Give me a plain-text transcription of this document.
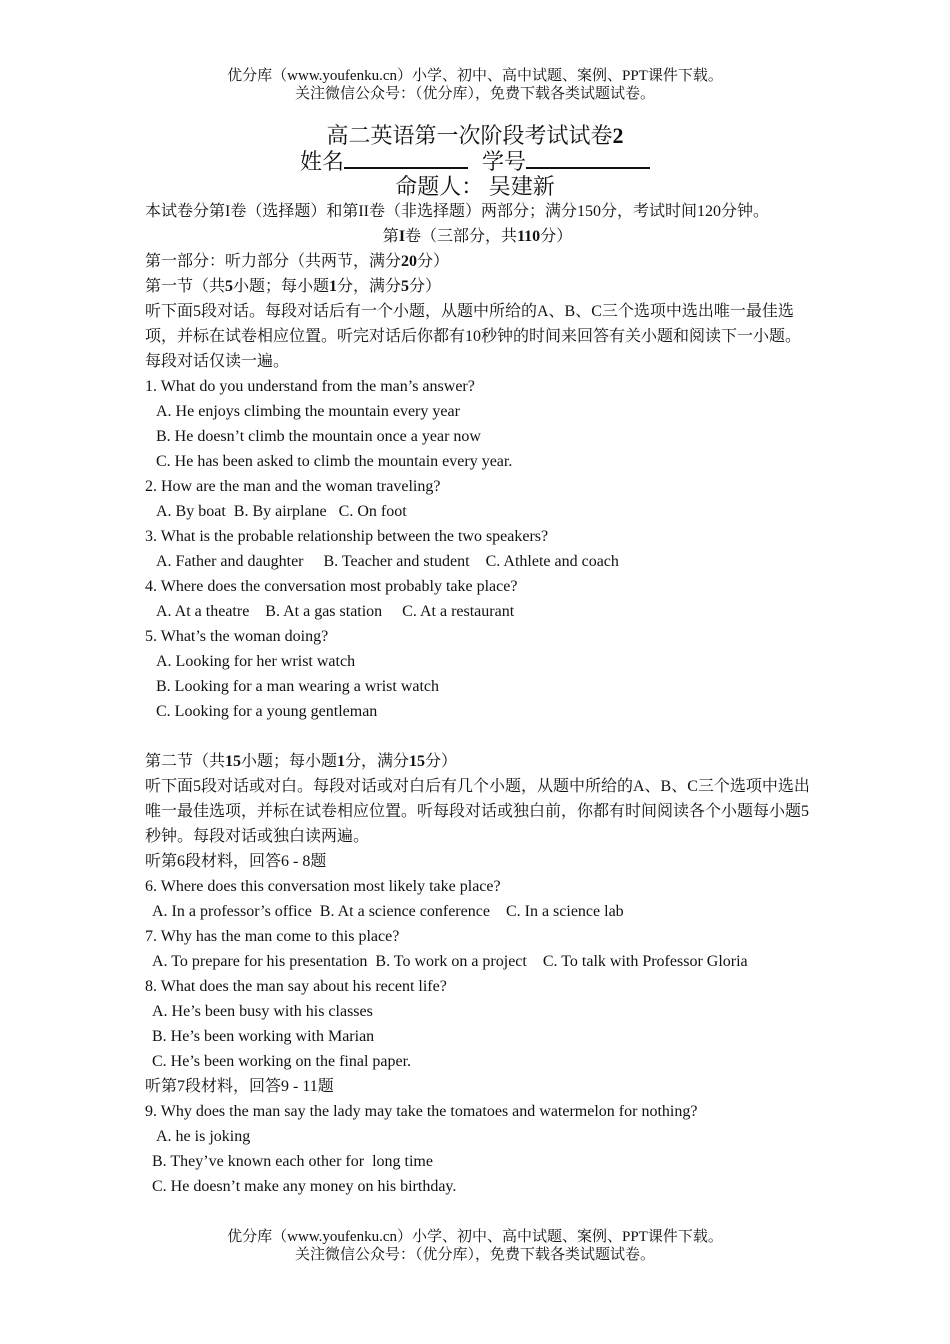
优分库（www.youfenku.cn）小学、初中、高中试题、案例、PPT课件下载。
关注微信公众号：（优分库），免费下载各类试题试卷。
高二英语第一次阶段考试试卷2
姓名	学号
命题人： 吴建新
本试卷分第I卷（选择题）和第II卷（非选择题）两部分；满分150分，考试时间120分钟。
第I卷（三部分，共110分）
第一部分：听力部分（共两节，满分20分）
第一节（共5小题；每小题1分，满分5分）
听下面5段对话。每段对话后有一个小题，从题中所给的A、B、C三个选项中选出唯一最佳选项，并标在试卷相应位置。听完对话后你都有10秒钟的时间来回答有关小题和阅读下一小题。每段对话仅读一遍。
1. What do you understand from the man’s answer?
A. He enjoys climbing the mountain every year
B. He doesn’t climb the mountain once a year now
C. He has been asked to climb the mountain every year.
2. How are the man and the woman traveling?
A. By boat  B. By airplane   C. On foot
3. What is the probable relationship between the two speakers?
A. Father and daughter     B. Teacher and student    C. Athlete and coach
4. Where does the conversation most probably take place?
A. At a theatre    B. At a gas station     C. At a restaurant
5. What’s the woman doing?
A. Looking for her wrist watch
B. Looking for a man wearing a wrist watch
C. Looking for a young gentleman
第二节（共15小题；每小题1分，满分15分）
听下面5段对话或对白。每段对话或对白后有几个小题，从题中所给的A、B、C三个选项中选出唯一最佳选项，并标在试卷相应位置。听每段对话或独白前，你都有时间阅读各个小题每小题5秒钟。每段对话或独白读两遍。
听第6段材料，回答6 - 8题
6. Where does this conversation most likely take place?
A. In a professor’s office  B. At a science conference    C. In a science lab
7. Why has the man come to this place?
A. To prepare for his presentation  B. To work on a project    C. To talk with Professor Gloria
8. What does the man say about his recent life?
A. He’s been busy with his classes
B. He’s been working with Marian
C. He’s been working on the final paper.
听第7段材料，回答9 - 11题
9. Why does the man say the lady may take the tomatoes and watermelon for nothing?
A. he is joking
B. They’ve known each other for  long time
C. He doesn’t make any money on his birthday.
优分库（www.youfenku.cn）小学、初中、高中试题、案例、PPT课件下载。
关注微信公众号：（优分库），免费下载各类试题试卷。
